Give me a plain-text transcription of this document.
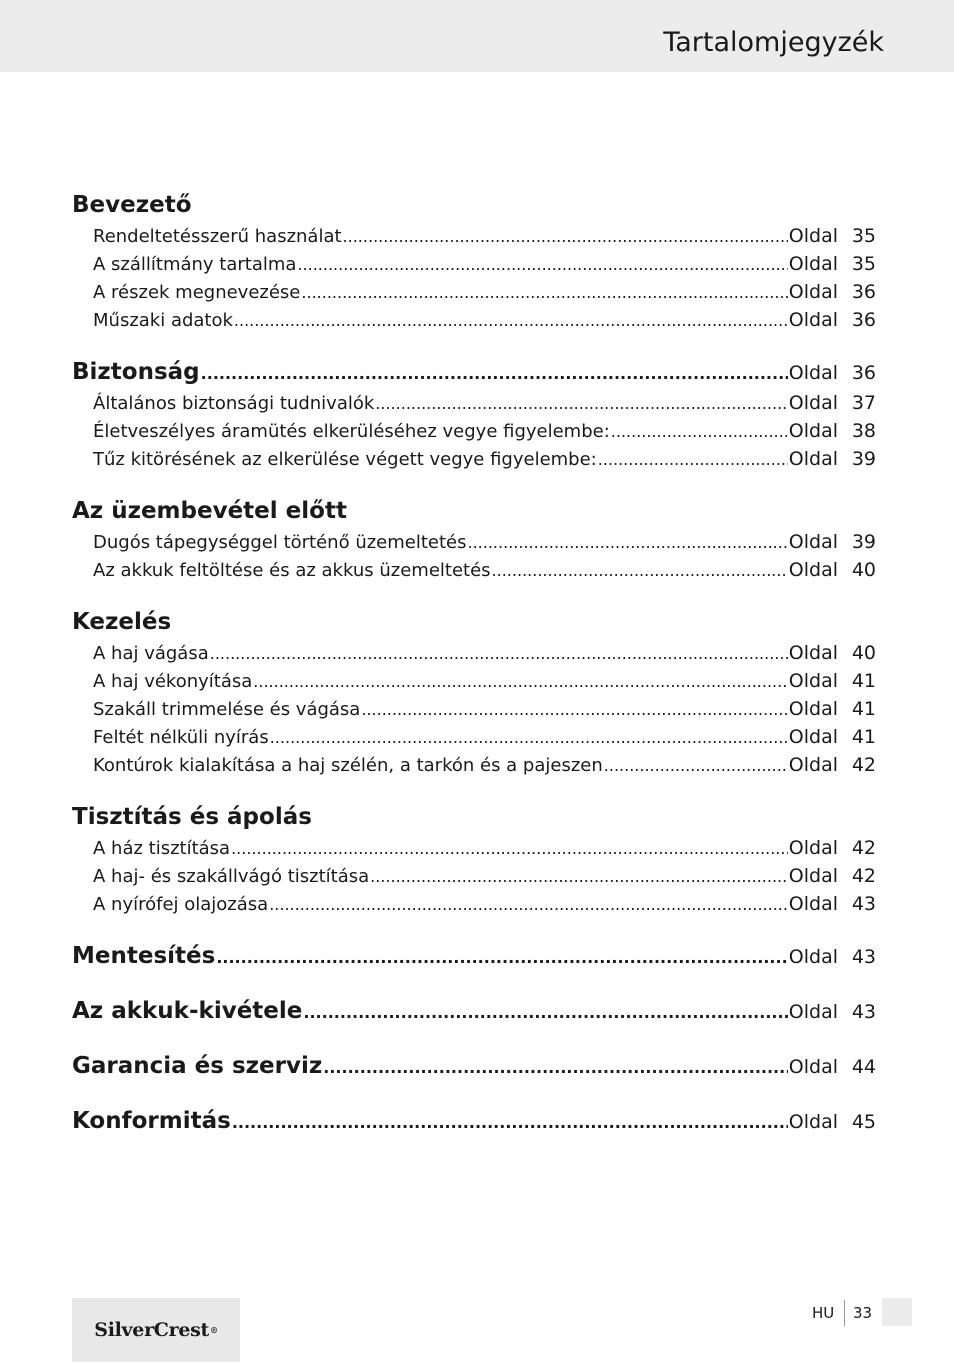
Tartalomjegyzék
Bevezető
Rendeltetésszerű használat .....	Oldal 35
A szállítmány tartalma .....	Oldal 35
A részek megnevezése .....	Oldal 36
Műszaki adatok .....	Oldal 36
Biztonság .....	Oldal 36
Általános biztonsági tudnivalók .....	Oldal 37
Életveszélyes áramütés elkerüléséhez vegye figyelembe: .....	Oldal 38
Tűz kitörésének az elkerülése végett vegye figyelembe: .....	Oldal 39
Az üzembevétel előtt
Dugós tápegységgel történő üzemeltetés .....	Oldal 39
Az akkuk feltöltése és az akkus üzemeltetés .....	Oldal 40
Kezelés
A haj vágása .....	Oldal 40
A haj vékonyítása .....	Oldal 41
Szakáll trimmelése és vágása .....	Oldal 41
Feltét nélküli nyírás .....	Oldal 41
Kontúrok kialakítása a haj szélén, a tarkón és a pajeszen .....	Oldal 42
Tisztítás és ápolás
A ház tisztítása .....	Oldal 42
A haj- és szakállvágó tisztítása .....	Oldal 42
A nyírófej olajozása .....	Oldal 43
Mentesítés .....	Oldal 43
Az akkuk-kivétele .....	Oldal 43
Garancia és szerviz .....	Oldal 44
Konformitás .....	Oldal 45
SilverCrest ®
HU 33
